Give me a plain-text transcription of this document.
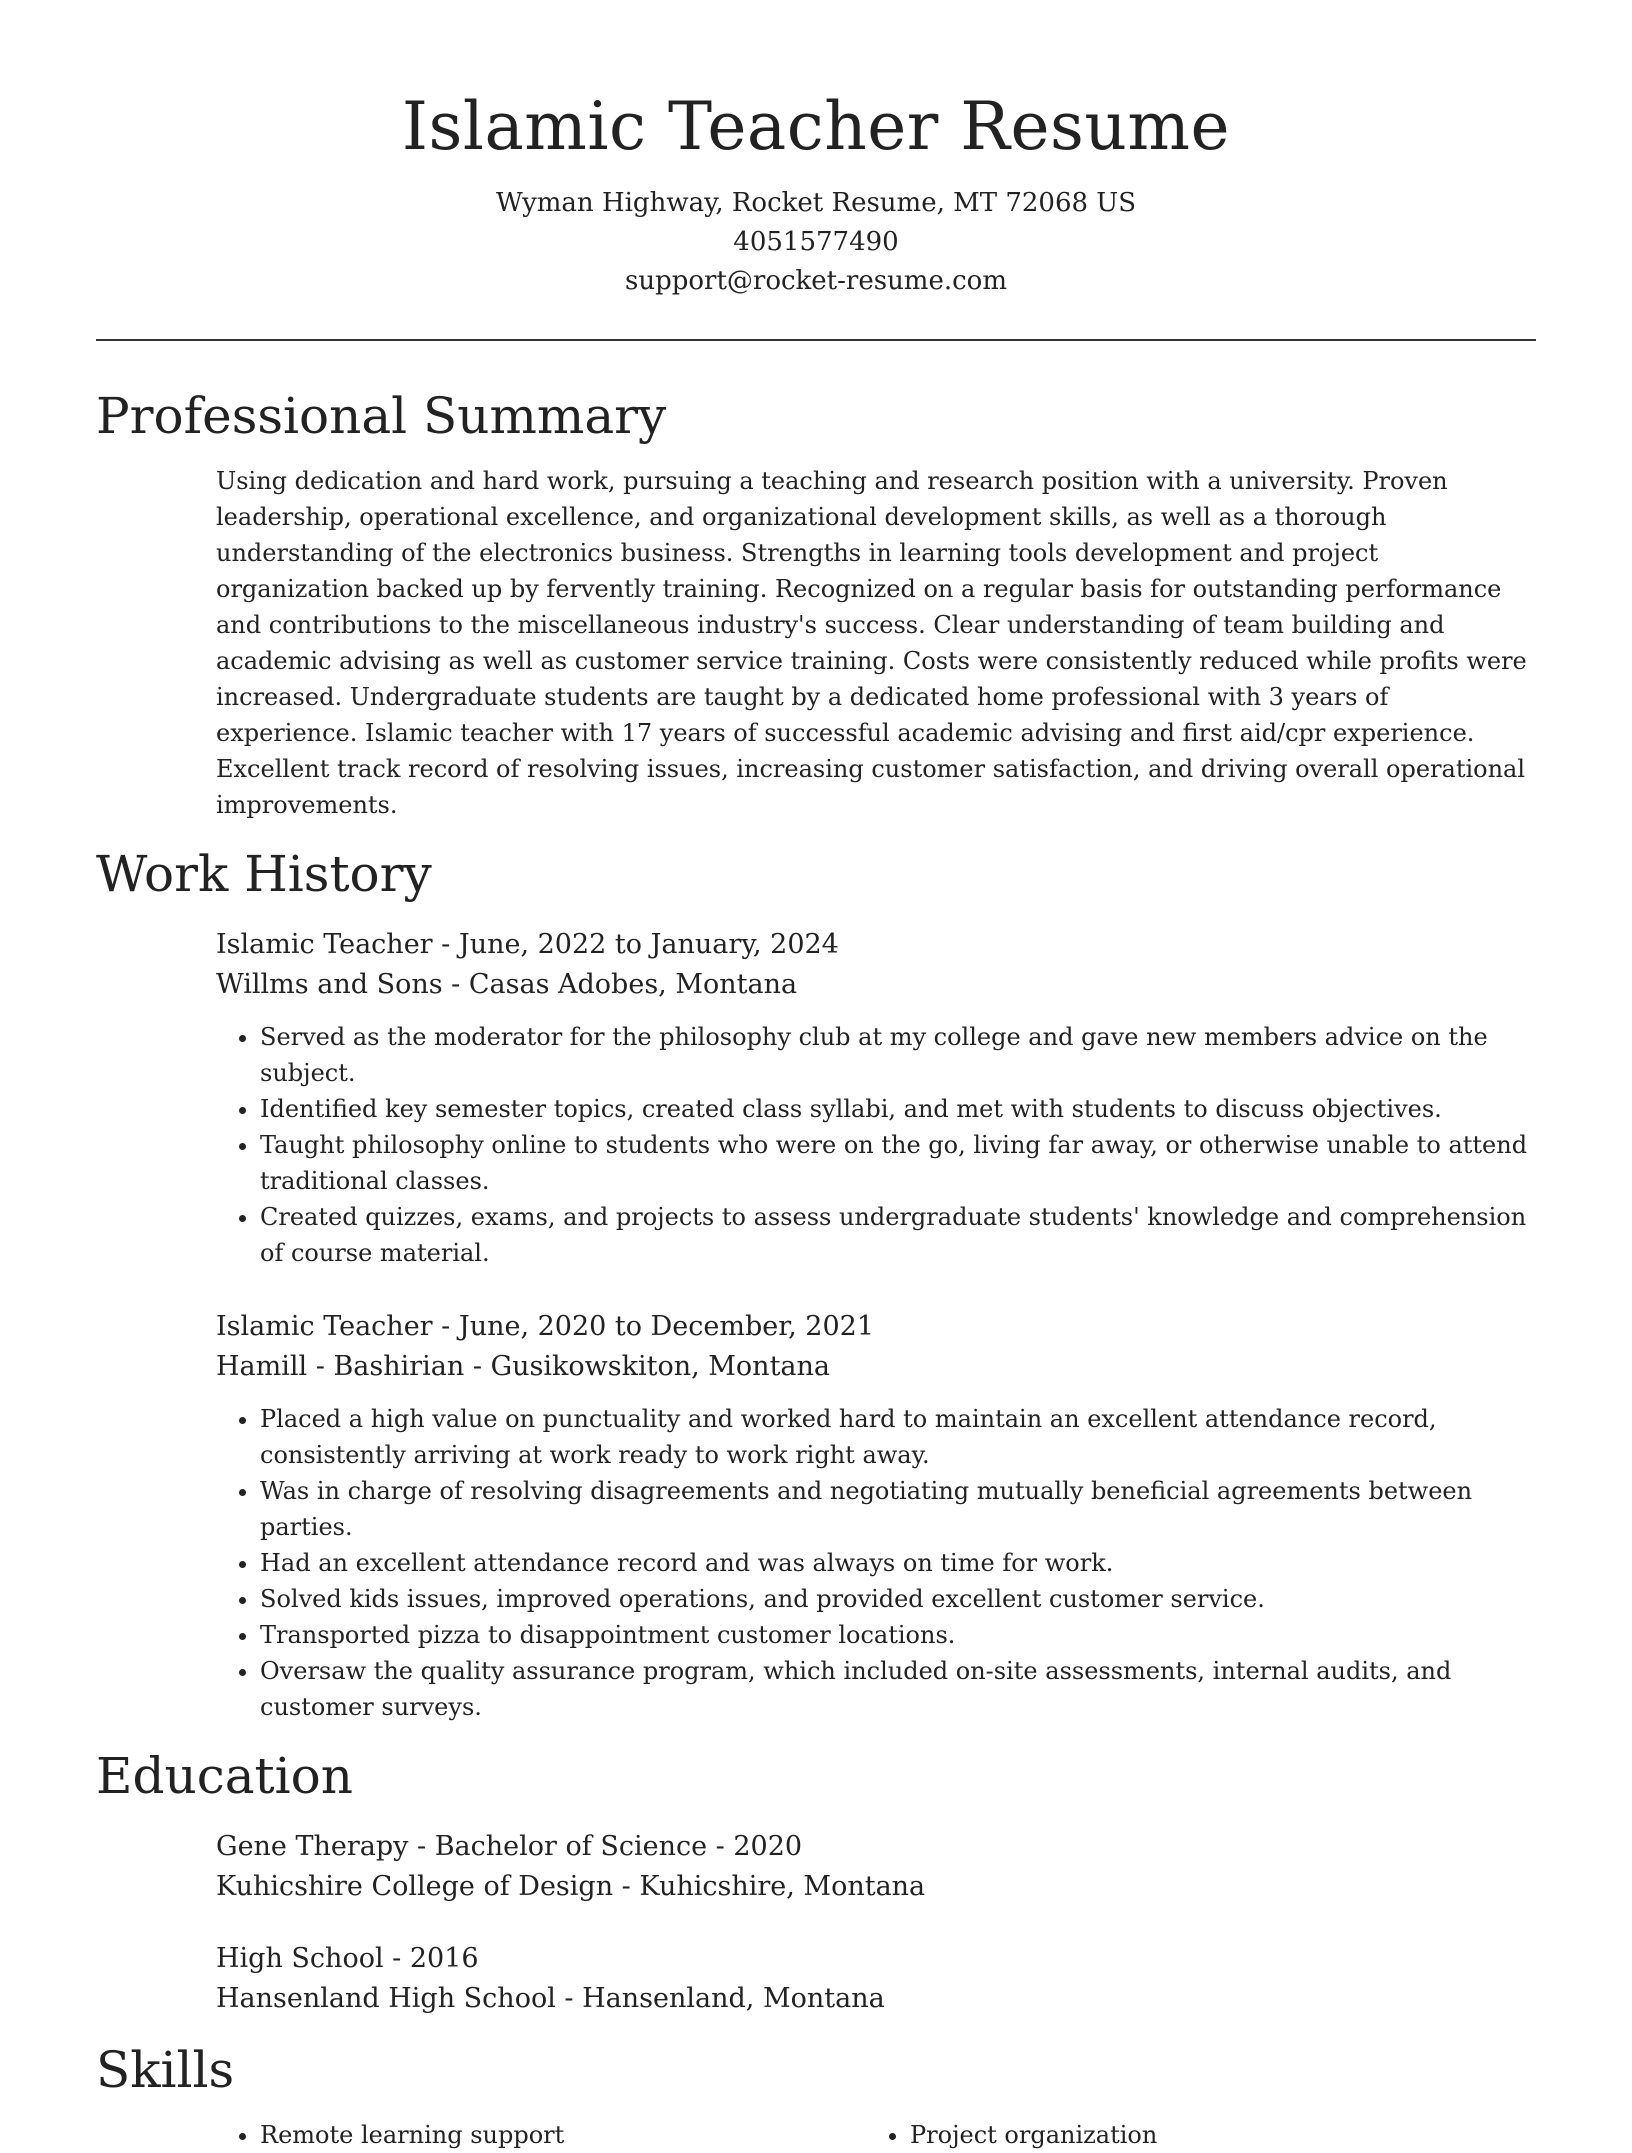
Islamic Teacher Resume
Wyman Highway, Rocket Resume, MT 72068 US
4051577490
support@rocket-resume.com
Professional Summary
Using dedication and hard work, pursuing a teaching and research position with a university. Proven leadership, operational excellence, and organizational development skills, as well as a thorough understanding of the electronics business. Strengths in learning tools development and project organization backed up by fervently training. Recognized on a regular basis for outstanding performance and contributions to the miscellaneous industry's success. Clear understanding of team building and academic advising as well as customer service training. Costs were consistently reduced while profits were increased. Undergraduate students are taught by a dedicated home professional with 3 years of experience. Islamic teacher with 17 years of successful academic advising and first aid/cpr experience. Excellent track record of resolving issues, increasing customer satisfaction, and driving overall operational improvements.
Work History
Islamic Teacher - June, 2022 to January, 2024
Willms and Sons - Casas Adobes, Montana
• Served as the moderator for the philosophy club at my college and gave new members advice on the subject.
• Identified key semester topics, created class syllabi, and met with students to discuss objectives.
• Taught philosophy online to students who were on the go, living far away, or otherwise unable to attend traditional classes.
• Created quizzes, exams, and projects to assess undergraduate students' knowledge and comprehension of course material.
Islamic Teacher - June, 2020 to December, 2021
Hamill - Bashirian - Gusikowskiton, Montana
• Placed a high value on punctuality and worked hard to maintain an excellent attendance record, consistently arriving at work ready to work right away.
• Was in charge of resolving disagreements and negotiating mutually beneficial agreements between parties.
• Had an excellent attendance record and was always on time for work.
• Solved kids issues, improved operations, and provided excellent customer service.
• Transported pizza to disappointment customer locations.
• Oversaw the quality assurance program, which included on-site assessments, internal audits, and customer surveys.
Education
Gene Therapy - Bachelor of Science - 2020
Kuhicshire College of Design - Kuhicshire, Montana
High School - 2016
Hansenland High School - Hansenland, Montana
Skills
• Remote learning support
•	Project organization
